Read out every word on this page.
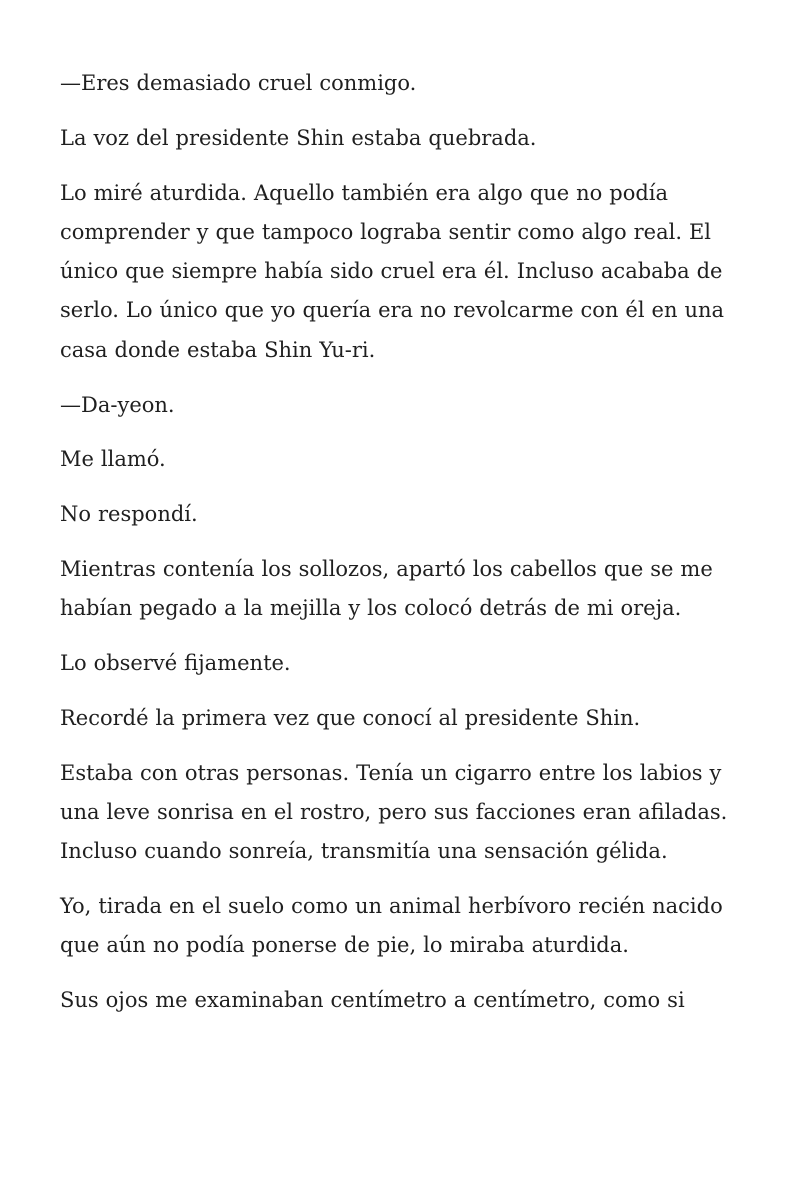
—Eres demasiado cruel conmigo.

La voz del presidente Shin estaba quebrada.

Lo miré aturdida. Aquello también era algo que no podía comprender y que tampoco lograba sentir como algo real. El único que siempre había sido cruel era él. Incluso acababa de serlo. Lo único que yo quería era no revolcarme con él en una casa donde estaba Shin Yu-ri.

—Da-yeon.

Me llamó.

No respondí.

Mientras contenía los sollozos, apartó los cabellos que se me habían pegado a la mejilla y los colocó detrás de mi oreja.

Lo observé fijamente.

Recordé la primera vez que conocí al presidente Shin.

Estaba con otras personas. Tenía un cigarro entre los labios y una leve sonrisa en el rostro, pero sus facciones eran afiladas. Incluso cuando sonreía, transmitía una sensación gélida.

Yo, tirada en el suelo como un animal herbívoro recién nacido que aún no podía ponerse de pie, lo miraba aturdida.

Sus ojos me examinaban centímetro a centímetro, como si
